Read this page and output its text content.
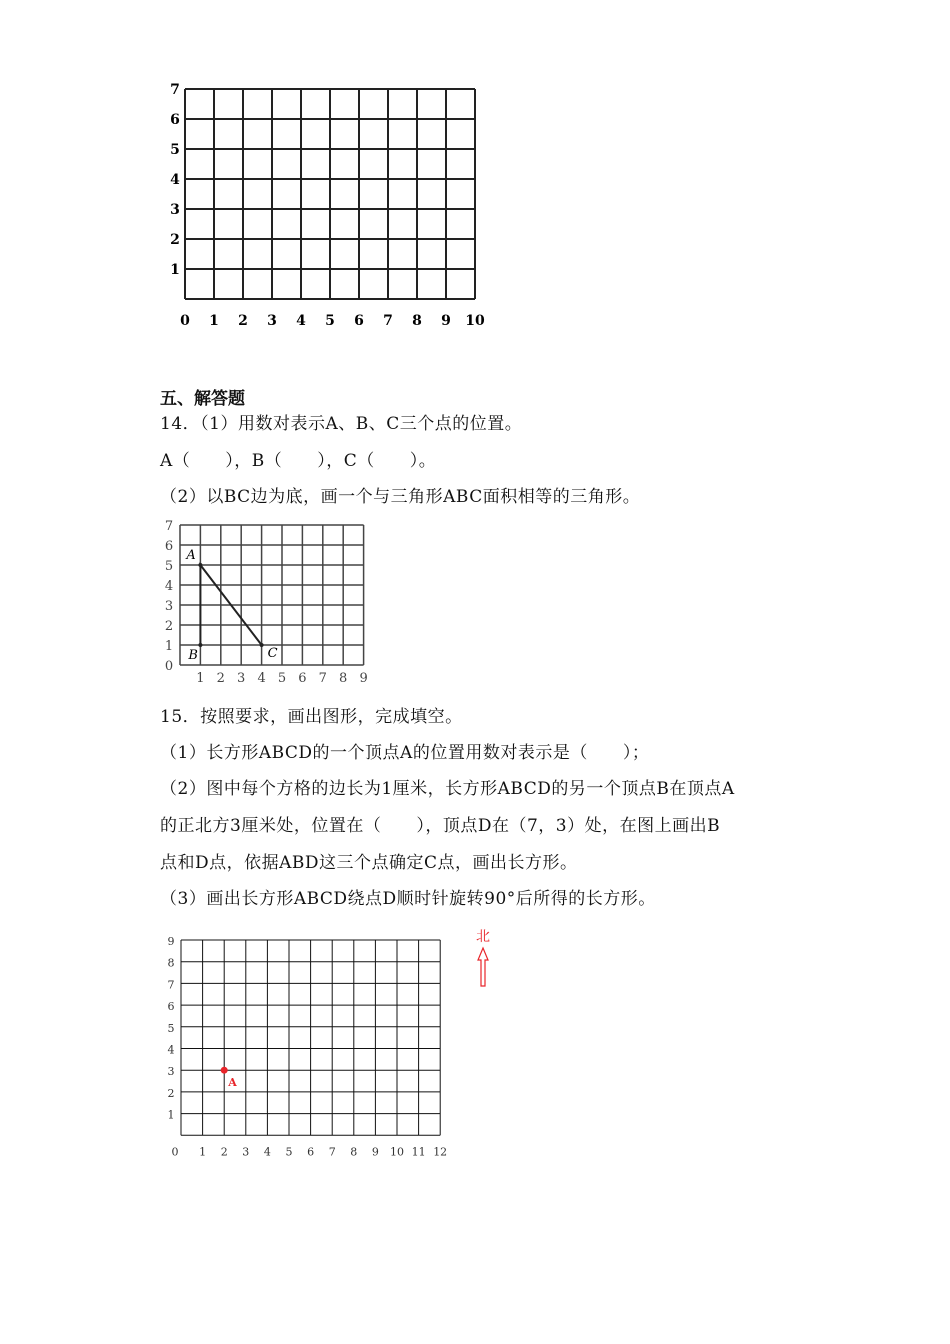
0 1 2 3 4 5 6 7 8 9 10
1
2
3
4
5
6
7
五、解答题
14．（1）用数对表示A、B、C三个点的位置。
A（　　），B（　　），C（　　）。
（2）以BC边为底，画一个与三角形ABC面积相等的三角形。
A
B	C
1 2 3 4 5 6 7 8 9
0
1
2
3
4
5
6
7
15．按照要求，画出图形，完成填空。
（1）长方形ABCD的一个顶点A的位置用数对表示是（　　）；
（2）图中每个方格的边长为1厘米，长方形ABCD的另一个顶点B在顶点A
的正北方3厘米处，位置在（　　），顶点D在（7，3）处，在图上画出B
点和D点，依据ABD这三个点确定C点，画出长方形。
（3）画出长方形ABCD绕点D顺时针旋转90°后所得的长方形。
0 1 2 3 4 5 6 7 8 9 10 11 12
1
2
3
4
5
6
7
8
9
A
北
